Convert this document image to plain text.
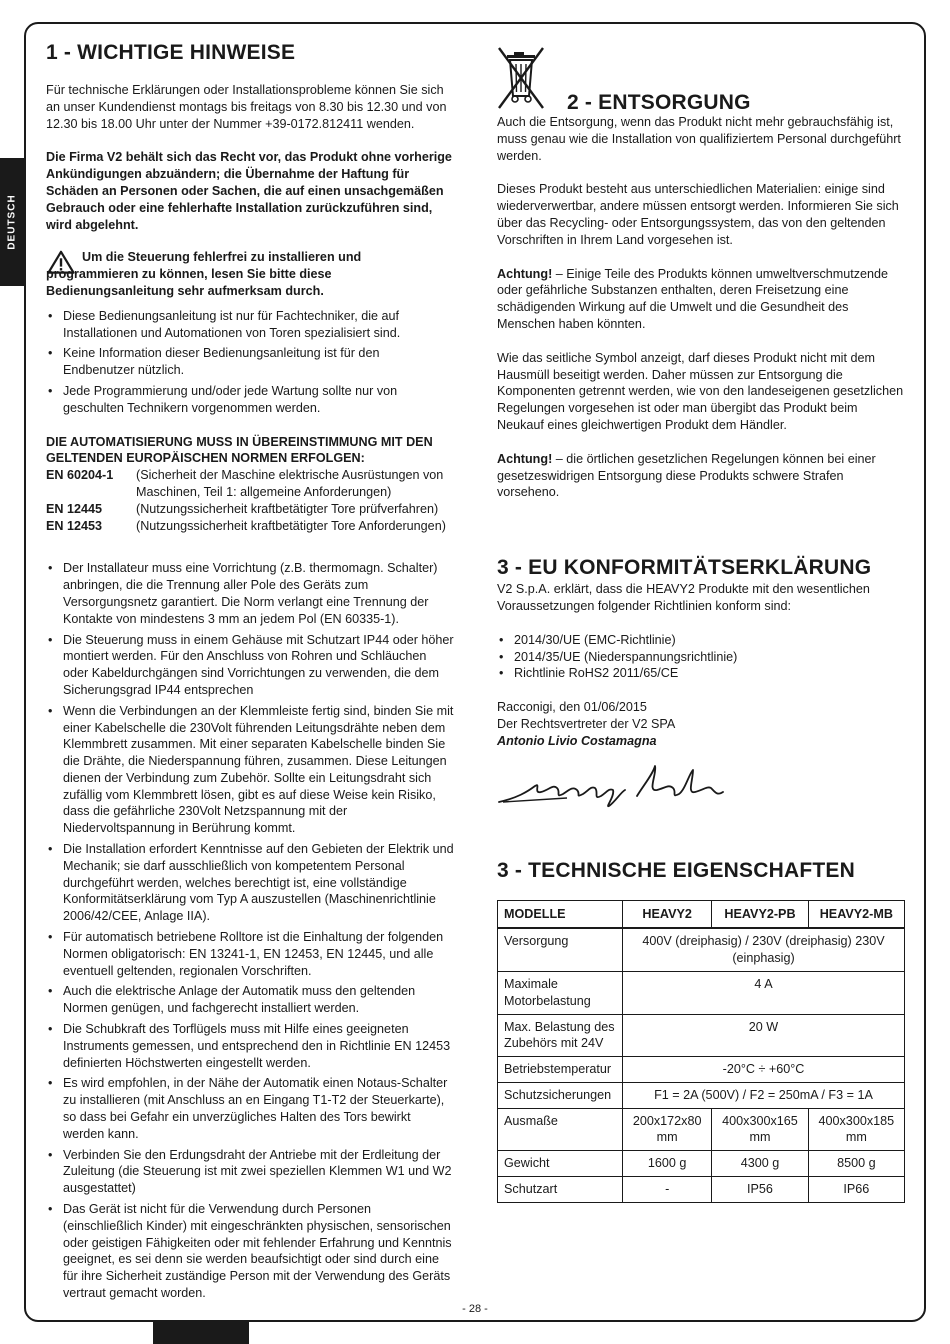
DEUTSCH
1 - WICHTIGE HINWEISE

Für technische Erklärungen oder Installationsprobleme können Sie sich an unser Kundendienst montags bis freitags von 8.30 bis 12.30 und von 12.30 bis 18.00 Uhr unter der Nummer +39-0172.812411 wenden.

Die Firma V2 behält sich das Recht vor, das Produkt ohne vorherige Ankündigungen abzuändern; die Übernahme der Haftung für Schäden an Personen oder Sachen, die auf einen unsachgemäßen Gebrauch oder eine fehlerhafte Installation zurückzuführen sind, wird abgelehnt.

Um die Steuerung fehlerfrei zu installieren und programmieren zu können, lesen Sie bitte diese Bedienungsanleitung sehr aufmerksam durch.

• Diese Bedienungsanleitung ist nur für Fachtechniker, die auf Installationen und Automationen von Toren spezialisiert sind.
• Keine Information dieser Bedienungsanleitung ist für den Endbenutzer nützlich.
• Jede Programmierung und/oder jede Wartung sollte nur von geschulten Technikern vorgenommen werden.

DIE AUTOMATISIERUNG MUSS IN ÜBEREINSTIMMUNG MIT DEN GELTENDEN EUROPÄISCHEN NORMEN ERFOLGEN:

EN 60204-1	(Sicherheit der Maschine elektrische Ausrüstungen von Maschinen, Teil 1: allgemeine Anforderungen)
EN 12445	(Nutzungssicherheit kraftbetätigter Tore prüfverfahren)
EN 12453	(Nutzungssicherheit kraftbetätigter Tore Anforderungen)
• Der Installateur muss eine Vorrichtung (z.B. thermomagn. Schalter) anbringen, die die Trennung aller Pole des Geräts zum Versorgungsnetz garantiert. Die Norm verlangt eine Trennung der Kontakte von mindestens 3 mm an jedem Pol (EN 60335-1).
• Die Steuerung muss in einem Gehäuse mit Schutzart IP44 oder höher montiert werden. Für den Anschluss von Rohren und Schläuchen oder Kabeldurchgängen sind Vorrichtungen zu verwenden, die dem Sicherungsgrad IP44 entsprechen
• Wenn die Verbindungen an der Klemmleiste fertig sind, binden Sie mit einer Kabelschelle die 230Volt führenden Leitungsdrähte neben dem Klemmbrett zusammen. Mit einer separaten Kabelschelle binden Sie die Drähte, die Niederspannung führen, zusammen. Diese Leitungen dienen der Verbindung zum Zubehör. Sollte ein Leitungsdraht sich zufällig vom Klemmbrett lösen, gibt es auf diese Weise kein Risiko, dass die gefährliche 230Volt Netzspannung mit der Niedervoltspannung in Berührung kommt.
• Die Installation erfordert Kenntnisse auf den Gebieten der Elektrik und Mechanik; sie darf ausschließlich von kompetentem Personal durchgeführt werden, welches berechtigt ist, eine vollständige Konformitätserklärung vom Typ A auszustellen (Maschinenrichtlinie 2006/42/CEE, Anlage IIA).
• Für automatisch betriebene Rolltore ist die Einhaltung der folgenden Normen obligatorisch: EN 13241-1, EN 12453, EN 12445, und alle eventuell geltenden, regionalen Vorschriften.
• Auch die elektrische Anlage der Automatik muss den geltenden Normen genügen, und fachgerecht installiert werden.
• Die Schubkraft des Torflügels muss mit Hilfe eines geeigneten Instruments gemessen, und entsprechend den in Richtlinie EN 12453 definierten Höchstwerten eingestellt werden.
• Es wird empfohlen, in der Nähe der Automatik einen Notaus-Schalter zu installieren (mit Anschluss an en Eingang T1-T2 der Steuerkarte), so dass bei Gefahr ein unverzügliches Halten des Tors bewirkt werden kann.
• Verbinden Sie den Erdungsdraht der Antriebe mit der Erdleitung der Zuleitung (die Steuerung ist mit zwei speziellen Klemmen W1 und W2 ausgestattet)
• Das Gerät ist nicht für die Verwendung durch Personen (einschließlich Kinder) mit eingeschränkten physischen, sensorischen oder geistigen Fähigkeiten oder mit fehlender Erfahrung und Kenntnis geeignet, es sei denn sie werden beaufsichtigt oder sind durch eine für ihre Sicherheit zuständige Person mit der Verwendung des Geräts vertraut gemacht worden.
2 - ENTSORGUNG

Auch die Entsorgung, wenn das Produkt nicht mehr gebrauchsfähig ist, muss genau wie die Installation von qualifiziertem Personal durchgeführt werden.

Dieses Produkt besteht aus unterschiedlichen Materialien: einige sind wiederverwertbar, andere müssen entsorgt werden. Informieren Sie sich über das Recycling- oder Entsorgungssystem, das von den geltenden Vorschriften in Ihrem Land vorgesehen ist.

Achtung! – Einige Teile des Produkts können umweltverschmutzende oder gefährliche Substanzen enthalten, deren Freisetzung eine schädigenden Wirkung auf die Umwelt und die Gesundheit des Menschen haben könnten.

Wie das seitliche Symbol anzeigt, darf dieses Produkt nicht mit dem Hausmüll beseitigt werden. Daher müssen zur Entsorgung die Komponenten getrennt werden, wie von den landeseigenen gesetzlichen Regelungen vorgesehen ist oder man übergibt das Produkt beim Neukauf eines gleichwertigen Produkt dem Händler.

Achtung! – die örtlichen gesetzlichen Regelungen können bei einer gesetzeswidrigen Entsorgung diese Produkts schwere Strafen vorseheno.

3 - EU KONFORMITÄTSERKLÄRUNG

V2 S.p.A. erklärt, dass die HEAVY2 Produkte mit den wesentlichen Voraussetzungen folgender Richtlinien konform sind:

• 2014/30/UE (EMC-Richtlinie)
• 2014/35/UE (Niederspannungsrichtlinie)
• Richtlinie RoHS2 2011/65/CE

Racconigi, den 01/06/2015

Der Rechtsvertreter der V2 SPA

Antonio Livio Costamagna

3 - TECHNISCHE EIGENSCHAFTEN
MODELLE	HEAVY2	HEAVY2-PB	HEAVY2-MB
Versorgung	400V (dreiphasig) / 230V (dreiphasig) 230V (einphasig)		
Maximale Motorbelastung	4 A		
Max. Belastung des Zubehörs mit 24V	20 W		
Betriebstemperatur	-20°C ÷ +60°C		
Schutzsicherungen	F1 = 2A (500V) / F2 = 250mA / F3 = 1A		
Ausmaße	200x172x80 mm	400x300x165 mm	400x300x185 mm
Gewicht	1600 g	4300 g	8500 g
Schutzart	-	IP56	IP66
- 28 -
